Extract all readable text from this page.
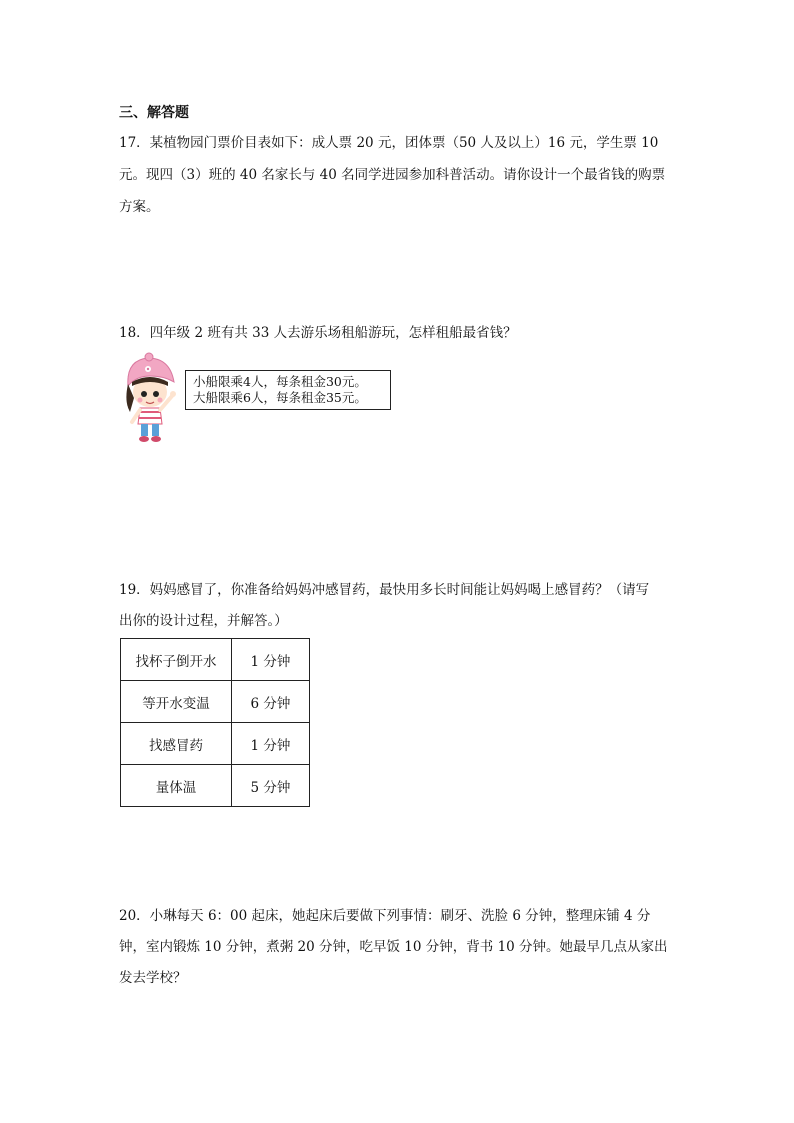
三、解答题
17．某植物园门票价目表如下：成人票 20 元，团体票（50 人及以上）16 元，学生票 10
元。现四（3）班的 40 名家长与 40 名同学进园参加科普活动。请你设计一个最省钱的购票
方案。
18．四年级 2 班有共 33 人去游乐场租船游玩，怎样租船最省钱？
小船限乘4人，每条租金30元。
大船限乘6人，每条租金35元。
19．妈妈感冒了，你准备给妈妈冲感冒药，最快用多长时间能让妈妈喝上感冒药？（请写
出你的设计过程，并解答。）
找杯子倒开水	1 分钟
等开水变温	6 分钟
找感冒药	1 分钟
量体温	5 分钟
20．小琳每天 6：00 起床，她起床后要做下列事情：刷牙、洗脸 6 分钟，整理床铺 4 分
钟，室内锻炼 10 分钟，煮粥 20 分钟，吃早饭 10 分钟，背书 10 分钟。她最早几点从家出
发去学校？
